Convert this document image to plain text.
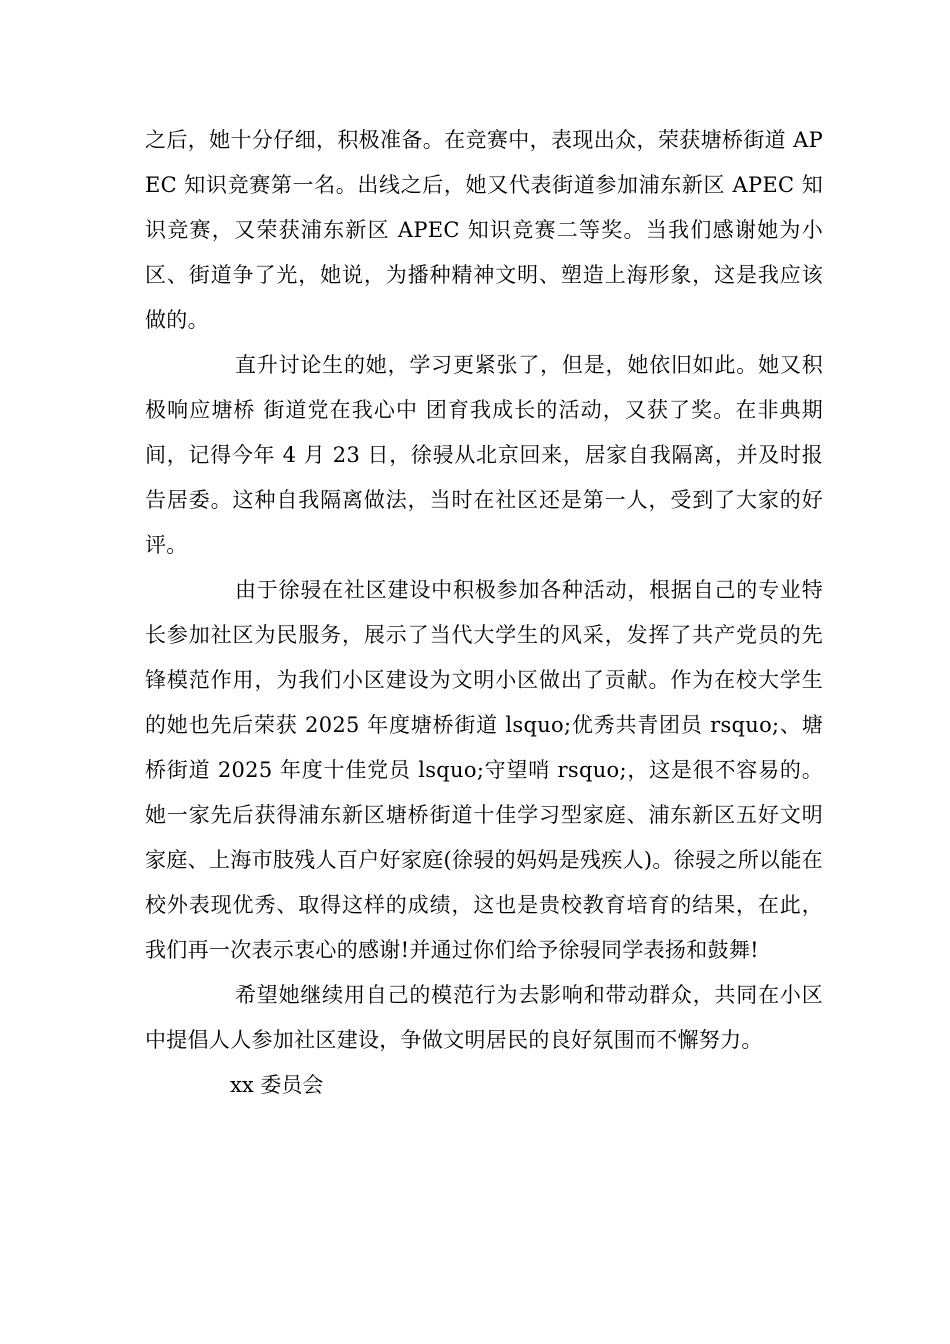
之后，她十分仔细，积极准备。在竞赛中，表现出众，荣获塘桥街道 APEC 知识竞赛第一名。出线之后，她又代表街道参加浦东新区 APEC 知识竞赛，又荣获浦东新区 APEC 知识竞赛二等奖。当我们感谢她为小区、街道争了光，她说，为播种精神文明、塑造上海形象，这是我应该做的。

直升讨论生的她，学习更紧张了，但是，她依旧如此。她又积极响应塘桥 街道党在我心中 团育我成长的活动，又获了奖。在非典期间，记得今年 4 月 23 日，徐骎从北京回来，居家自我隔离，并及时报告居委。这种自我隔离做法，当时在社区还是第一人，受到了大家的好评。

由于徐骎在社区建设中积极参加各种活动，根据自己的专业特长参加社区为民服务，展示了当代大学生的风采，发挥了共产党员的先锋模范作用，为我们小区建设为文明小区做出了贡献。作为在校大学生的她也先后荣获 2025 年度塘桥街道 lsquo;优秀共青团员 rsquo;、塘桥街道 2025 年度十佳党员 lsquo;守望哨 rsquo;，这是很不容易的。她一家先后获得浦东新区塘桥街道十佳学习型家庭、浦东新区五好文明家庭、上海市肢残人百户好家庭(徐骎的妈妈是残疾人)。徐骎之所以能在校外表现优秀、取得这样的成绩，这也是贵校教育培育的结果，在此，我们再一次表示衷心的感谢!并通过你们给予徐骎同学表扬和鼓舞!

希望她继续用自己的模范行为去影响和带动群众，共同在小区中提倡人人参加社区建设，争做文明居民的良好氛围而不懈努力。

xx 委员会
